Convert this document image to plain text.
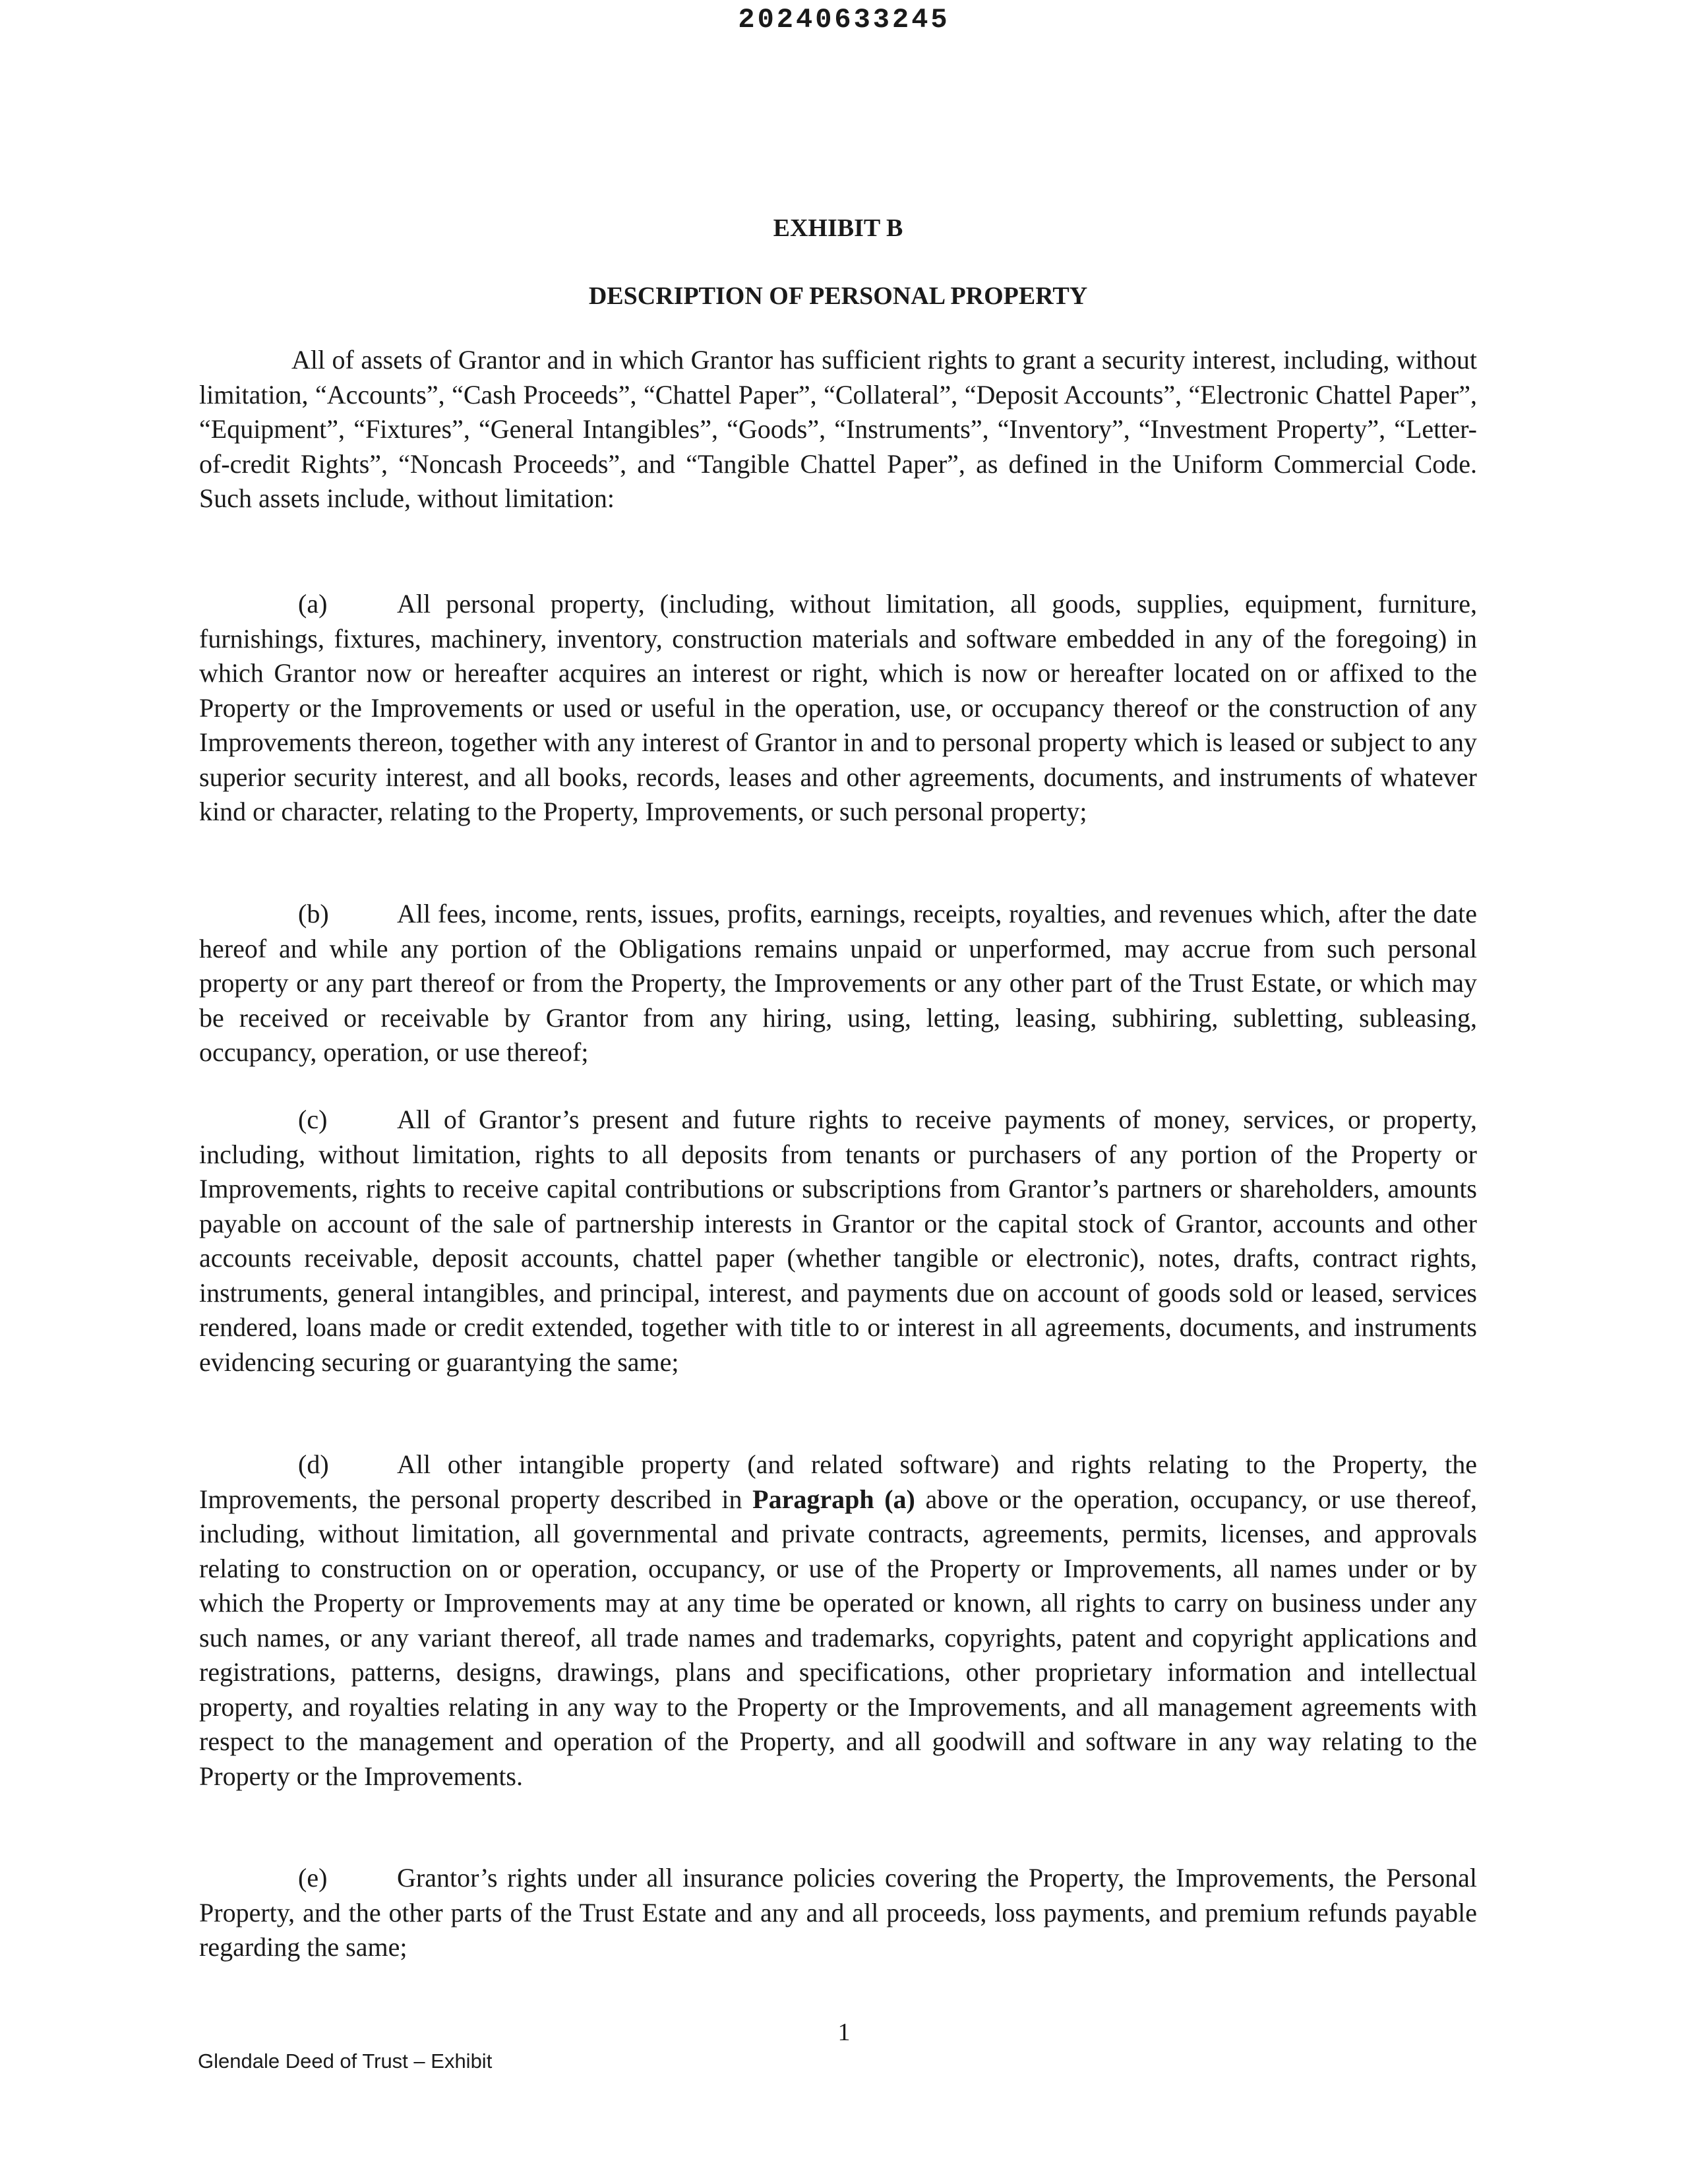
20240633245
EXHIBIT B
DESCRIPTION OF PERSONAL PROPERTY

All of assets of Grantor and in which Grantor has sufficient rights to grant a security interest, including, without limitation, “Accounts”, “Cash Proceeds”, “Chattel Paper”, “Collateral”, “Deposit Accounts”, “Electronic Chattel Paper”, “Equipment”, “Fixtures”, “General Intangibles”, “Goods”, “Instruments”, “Inventory”, “Investment Property”, “Letter-of-credit Rights”, “Noncash Proceeds”, and “Tangible Chattel Paper”, as defined in the Uniform Commercial Code. Such assets include, without limitation:

(a)	All personal property, (including, without limitation, all goods, supplies, equipment, furniture, furnishings, fixtures, machinery, inventory, construction materials and software embedded in any of the foregoing) in which Grantor now or hereafter acquires an interest or right, which is now or hereafter located on or affixed to the Property or the Improvements or used or useful in the operation, use, or occupancy thereof or the construction of any Improvements thereon, together with any interest of Grantor in and to personal property which is leased or subject to any superior security interest, and all books, records, leases and other agreements, documents, and instruments of whatever kind or character, relating to the Property, Improvements, or such personal property;

(b)	All fees, income, rents, issues, profits, earnings, receipts, royalties, and revenues which, after the date hereof and while any portion of the Obligations remains unpaid or unperformed, may accrue from such personal property or any part thereof or from the Property, the Improvements or any other part of the Trust Estate, or which may be received or receivable by Grantor from any hiring, using, letting, leasing, subhiring, subletting, subleasing, occupancy, operation, or use thereof;

(c)	All of Grantor’s present and future rights to receive payments of money, services, or property, including, without limitation, rights to all deposits from tenants or purchasers of any portion of the Property or Improvements, rights to receive capital contributions or subscriptions from Grantor’s partners or shareholders, amounts payable on account of the sale of partnership interests in Grantor or the capital stock of Grantor, accounts and other accounts receivable, deposit accounts, chattel paper (whether tangible or electronic), notes, drafts, contract rights, instruments, general intangibles, and principal, interest, and payments due on account of goods sold or leased, services rendered, loans made or credit extended, together with title to or interest in all agreements, documents, and instruments evidencing securing or guarantying the same;

(d)	All other intangible property (and related software) and rights relating to the Property, the Improvements, the personal property described in Paragraph (a) above or the operation, occupancy, or use thereof, including, without limitation, all governmental and private contracts, agreements, permits, licenses, and approvals relating to construction on or operation, occupancy, or use of the Property or Improvements, all names under or by which the Property or Improvements may at any time be operated or known, all rights to carry on business under any such names, or any variant thereof, all trade names and trademarks, copyrights, patent and copyright applications and registrations, patterns, designs, drawings, plans and specifications, other proprietary information and intellectual property, and royalties relating in any way to the Property or the Improvements, and all management agreements with respect to the management and operation of the Property, and all goodwill and software in any way relating to the Property or the Improvements.

(e)	Grantor’s rights under all insurance policies covering the Property, the Improvements, the Personal Property, and the other parts of the Trust Estate and any and all proceeds, loss payments, and premium refunds payable regarding the same;

1
Glendale Deed of Trust – Exhibit
